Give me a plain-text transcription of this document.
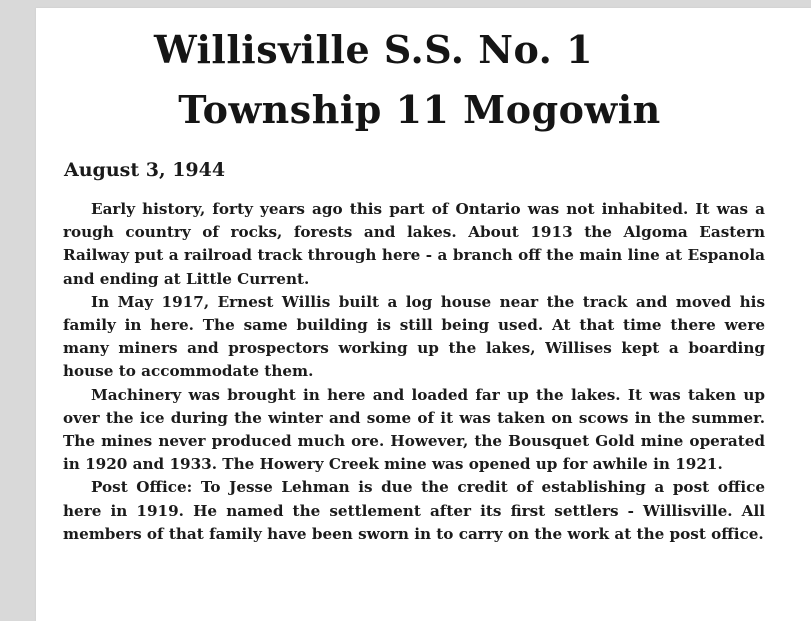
Willisville S.S. No. 1
Township 11 Mogowin
August 3, 1944

Early history, forty years ago this part of Ontario was not inhabited. It was a rough country of rocks, forests and lakes. About 1913 the Algoma Eastern Railway put a railroad track through here - a branch off the main line at Espanola and ending at Little Current.

In May 1917, Ernest Willis built a log house near the track and moved his family in here. The same building is still being used. At that time there were many miners and prospectors working up the lakes, Willises kept a boarding house to accommodate them.

Machinery was brought in here and loaded far up the lakes. It was taken up over the ice during the winter and some of it was taken on scows in the summer. The mines never produced much ore. However, the Bousquet Gold mine operated in 1920 and 1933. The Howery Creek mine was opened up for awhile in 1921.

Post Office: To Jesse Lehman is due the credit of establishing a post office here in 1919. He named the settlement after its first settlers - Willisville. All members of that family have been sworn in to carry on the work at the post office.
